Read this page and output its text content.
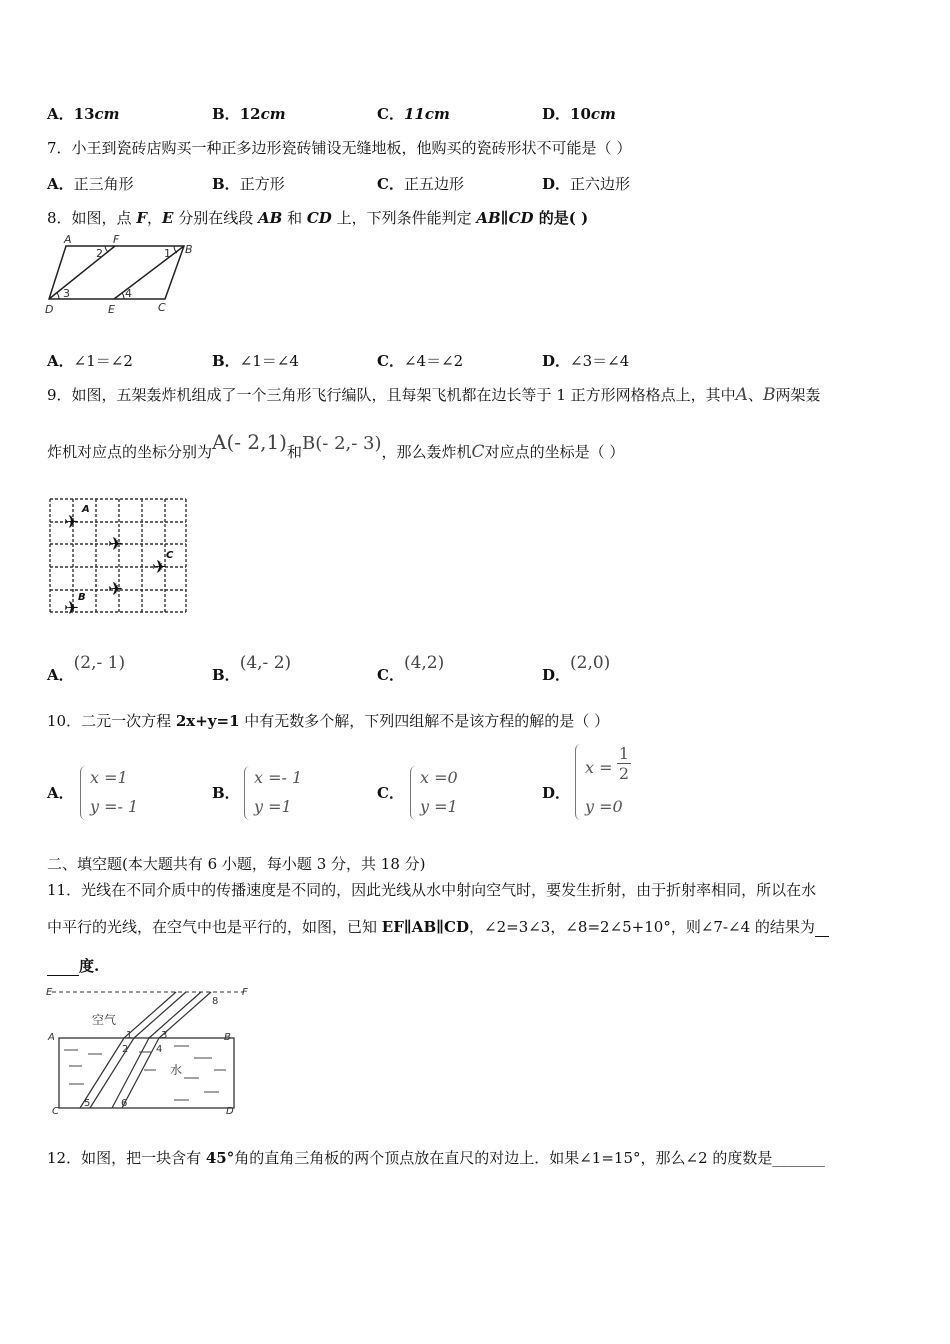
A．13cm	B．12cm	C．11cm	D．10cm
7．小王到瓷砖店购买一种正多边形瓷砖铺设无缝地板，他购买的瓷砖形状不可能是（ ）
A．正三角形	B．正方形	C．正五边形	D．正六边形
8．如图，点 F，E 分别在线段 AB 和 CD 上，下列条件能判定 AB∥CD 的是( )
A	F
B
D	E	C
2	1
3	4
A．∠1＝∠2	B．∠1＝∠4	C．∠4＝∠2	D．∠3＝∠4
9．如图，五架轰炸机组成了一个三角形飞行编队，且每架飞机都在边长等于 1 正方形网格格点上，其中A、B两架轰
炸机对应点的坐标分别为A(- 2,1)和B(- 2,- 3)，那么轰炸机C对应点的坐标是（ ）
✈
✈
✈
✈
✈
A
C
B
A．(2,- 1)
B．(4,- 2)
C．(4,2)
D．(2,0)
10．二元一次方程 2x+y=1 中有无数多个解，下列四组解不是该方程的解的是（ ）
A．
x =1
y =- 1
B．
x =- 1
y =1
C．
x =0
y =1
D．
x =
1
2
y =0
二、填空题(本大题共有 6 小题，每小题 3 分，共 18 分)
11．光线在不同介质中的传播速度是不同的，因此光线从水中射向空气时，要发生折射，由于折射率相同，所以在水
中平行的光线，在空气中也是平行的，如图，已知 EF∥AB∥CD，∠2=3∠3，∠8=2∠5+10°，则∠7-∠4 的结果为
度.
E	F
A	B
C	D
空气
水
1
2
3
4
5	6
8
12．如图，把一块含有 45°角的直角三角板的两个顶点放在直尺的对边上．如果∠1=15°，那么∠2 的度数是_______
